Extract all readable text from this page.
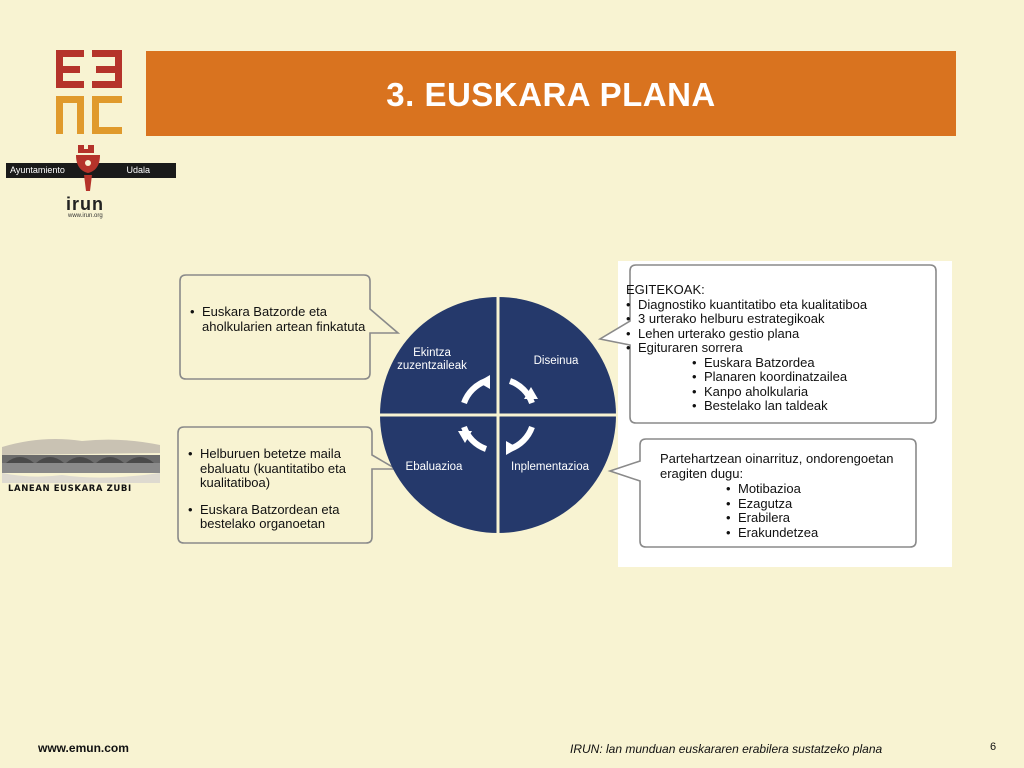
Ayuntamiento	Udala
irun
www.irun.org
3. EUSKARA PLANA
LANEAN EUSKARA ZUBI
Ekintza zuzentzaileak	Diseinua
Ebaluazioa	Inplementazioa
• Euskara Batzorde eta aholkularien artean finkatuta
• Helburuen betetze maila ebaluatu (kuantitatibo eta kualitatiboa)
• Euskara Batzordean eta bestelako organoetan
EGITEKOAK:
• Diagnostiko kuantitatibo eta kualitatiboa
• 3 urterako helburu estrategikoak
• Lehen urterako gestio plana
• Egituraren sorrera
• Euskara Batzordea
• Planaren koordinatzailea
• Kanpo aholkularia
• Bestelako lan taldeak
Partehartzean oinarrituz, ondorengoetan eragiten dugu:
• Motibazioa
• Ezagutza
• Erabilera
• Erakundetzea
www.emun.com	IRUN: lan munduan euskararen erabilera sustatzeko plana	6
